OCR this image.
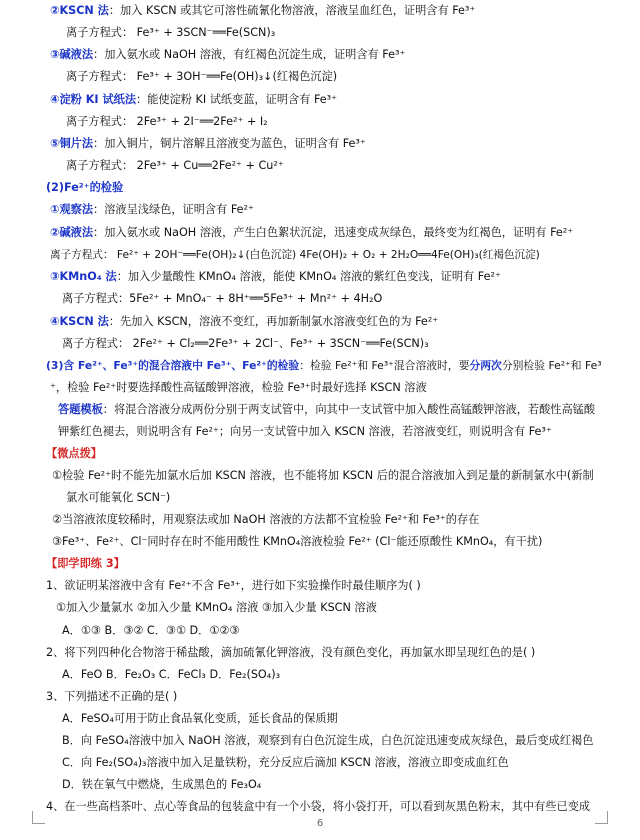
②KSCN 法：加入 KSCN 或其它可溶性硫氰化物溶液，溶液呈血红色，证明含有 Fe³⁺
离子方程式： Fe³⁺ + 3SCN⁻══Fe(SCN)₃
③碱液法：加入氨水或 NaOH 溶液，有红褐色沉淀生成，证明含有 Fe³⁺
离子方程式： Fe³⁺ + 3OH⁻══Fe(OH)₃↓(红褐色沉淀)
④淀粉 KI 试纸法：能使淀粉 KI 试纸变蓝，证明含有 Fe³⁺
离子方程式： 2Fe³⁺ + 2I⁻══2Fe²⁺ + I₂
⑤铜片法：加入铜片，铜片溶解且溶液变为蓝色，证明含有 Fe³⁺
离子方程式： 2Fe³⁺ + Cu══2Fe²⁺ + Cu²⁺
(2)Fe²⁺的检验
①观察法：溶液呈浅绿色，证明含有 Fe²⁺
②碱液法：加入氨水或 NaOH 溶液，产生白色絮状沉淀，迅速变成灰绿色，最终变为红褐色，证明有 Fe²⁺
离子方程式： Fe²⁺ + 2OH⁻══Fe(OH)₂↓(白色沉淀) 4Fe(OH)₂ + O₂ + 2H₂O══4Fe(OH)₃(红褐色沉淀)
③KMnO₄ 法：加入少量酸性 KMnO₄ 溶液，能使 KMnO₄ 溶液的紫红色变浅，证明有 Fe²⁺
离子方程式：5Fe²⁺ + MnO₄⁻ + 8H⁺══5Fe³⁺ + Mn²⁺ + 4H₂O
④KSCN 法：先加入 KSCN，溶液不变红，再加新制氯水溶液变红色的为 Fe²⁺
离子方程式： 2Fe²⁺ + Cl₂══2Fe³⁺ + 2Cl⁻、Fe³⁺ + 3SCN⁻══Fe(SCN)₃
(3)含 Fe²⁺、Fe³⁺的混合溶液中 Fe³⁺、Fe²⁺的检验：检验 Fe²⁺和 Fe³⁺混合溶液时，要分两次分别检验 Fe²⁺和 Fe³
⁺，检验 Fe²⁺时要选择酸性高锰酸钾溶液，检验 Fe³⁺时最好选择 KSCN 溶液
答题模板：将混合溶液分成两份分别于两支试管中，向其中一支试管中加入酸性高锰酸钾溶液，若酸性高锰酸
钾紫红色褪去，则说明含有 Fe²⁺；向另一支试管中加入 KSCN 溶液，若溶液变红，则说明含有 Fe³⁺
【微点拨】
①检验 Fe²⁺时不能先加氯水后加 KSCN 溶液，也不能将加 KSCN 后的混合溶液加入到足量的新制氯水中(新制
氯水可能氧化 SCN⁻)
②当溶液浓度较稀时，用观察法或加 NaOH 溶液的方法都不宜检验 Fe²⁺和 Fe³⁺的存在
③Fe³⁺、Fe²⁺、Cl⁻同时存在时不能用酸性 KMnO₄溶液检验 Fe²⁺ (Cl⁻能还原酸性 KMnO₄，有干扰)
【即学即练 3】
1、欲证明某溶液中含有 Fe²⁺不含 Fe³⁺，进行如下实验操作时最佳顺序为( )
①加入少量氯水 ②加入少量 KMnO₄ 溶液 ③加入少量 KSCN 溶液
A．①③ B．③② C．③① D．①②③
2、将下列四种化合物溶于稀盐酸，滴加硫氰化钾溶液，没有颜色变化，再加氯水即呈现红色的是( )
A．FeO B．Fe₂O₃ C．FeCl₃ D．Fe₂(SO₄)₃
3、下列描述不正确的是( )
A．FeSO₄可用于防止食品氧化变质，延长食品的保质期
B．向 FeSO₄溶液中加入 NaOH 溶液，观察到有白色沉淀生成，白色沉淀迅速变成灰绿色，最后变成红褐色
C．向 Fe₂(SO₄)₃溶液中加入足量铁粉，充分反应后滴加 KSCN 溶液，溶液立即变成血红色
D．铁在氧气中燃烧，生成黑色的 Fe₃O₄
4、在一些高档茶叶、点心等食品的包装盒中有一个小袋，将小袋打开，可以看到灰黑色粉末，其中有些已变成
6
